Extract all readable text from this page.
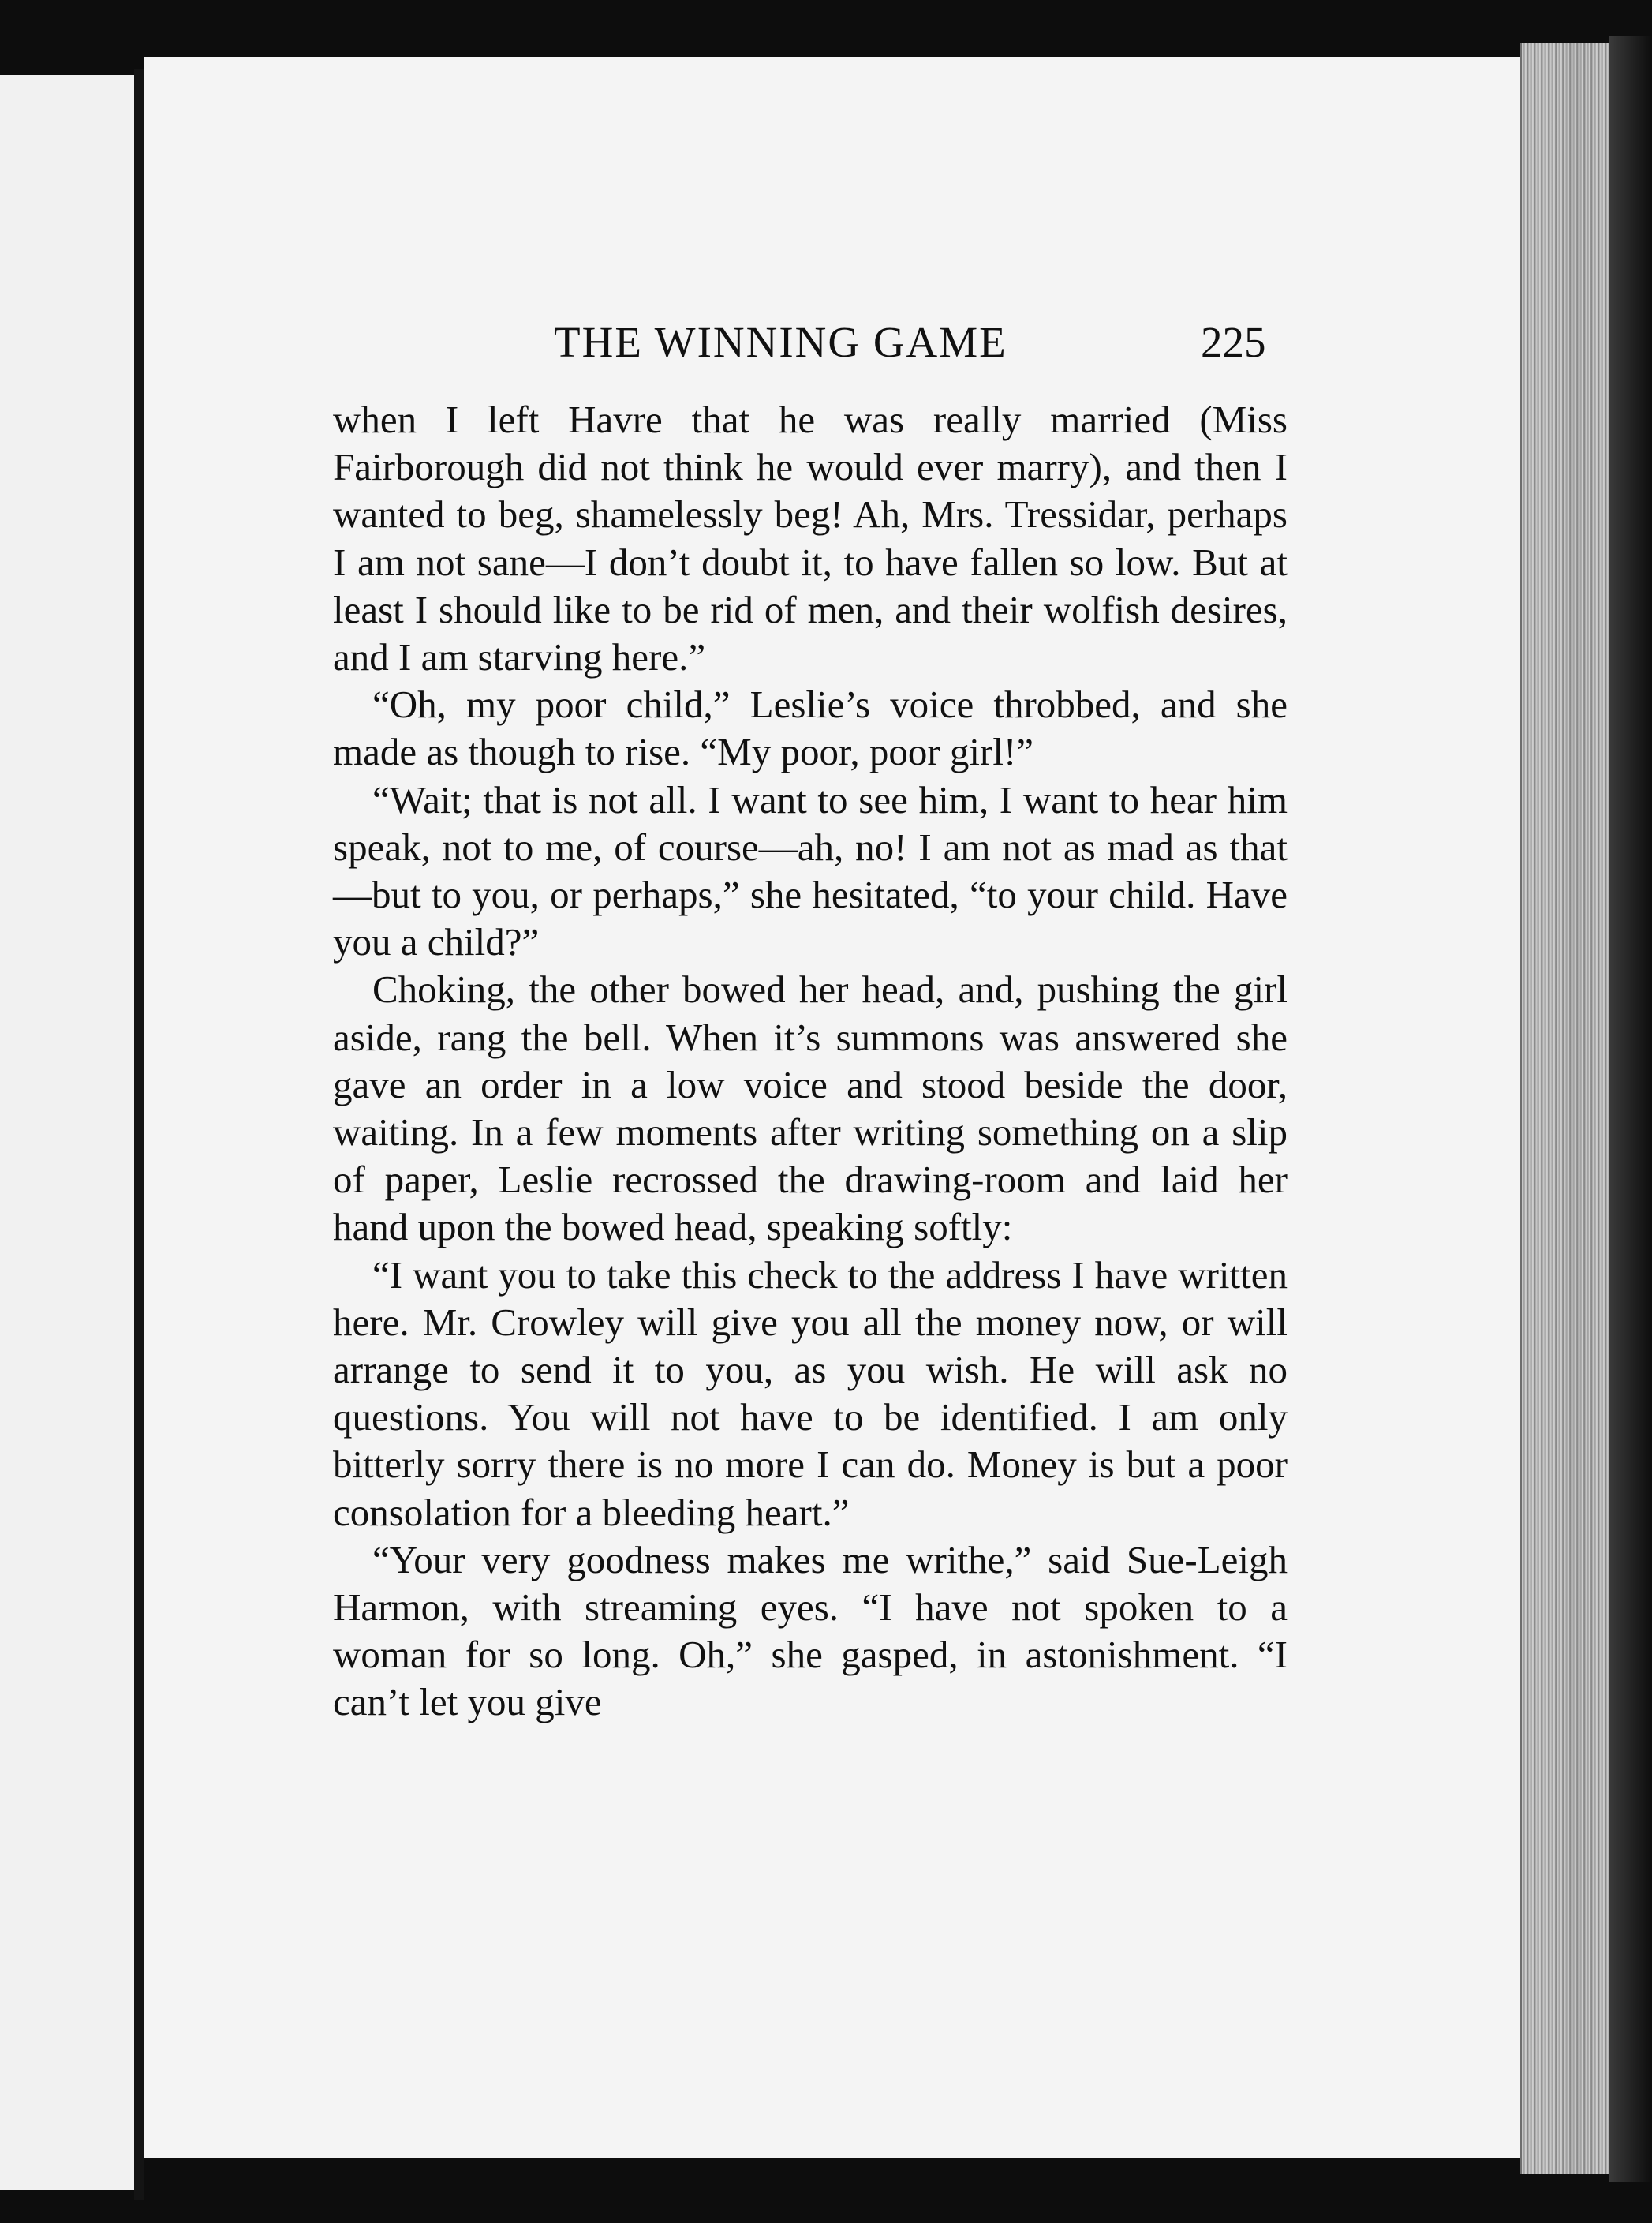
THE WINNING GAME	225

when I left Havre that he was really married (Miss Fairborough did not think he would ever marry), and then I wanted to beg, shamelessly beg! Ah, Mrs. Tressidar, perhaps I am not sane—I don’t doubt it, to have fallen so low. But at least I should like to be rid of men, and their wolfish desires, and I am starving here.”

“Oh, my poor child,” Leslie’s voice throbbed, and she made as though to rise. “My poor, poor girl!”

“Wait; that is not all. I want to see him, I want to hear him speak, not to me, of course—ah, no! I am not as mad as that—but to you, or perhaps,” she hesitated, “to your child. Have you a child?”

Choking, the other bowed her head, and, pushing the girl aside, rang the bell. When it’s summons was answered she gave an order in a low voice and stood beside the door, waiting. In a few moments after writing something on a slip of paper, Leslie recrossed the drawing-room and laid her hand upon the bowed head, speaking softly:

“I want you to take this check to the address I have written here. Mr. Crowley will give you all the money now, or will arrange to send it to you, as you wish. He will ask no questions. You will not have to be identified. I am only bitterly sorry there is no more I can do. Money is but a poor consolation for a bleeding heart.”

“Your very goodness makes me writhe,” said Sue-Leigh Harmon, with streaming eyes. “I have not spoken to a woman for so long. Oh,” she gasped, in astonishment. “I can’t let you give
